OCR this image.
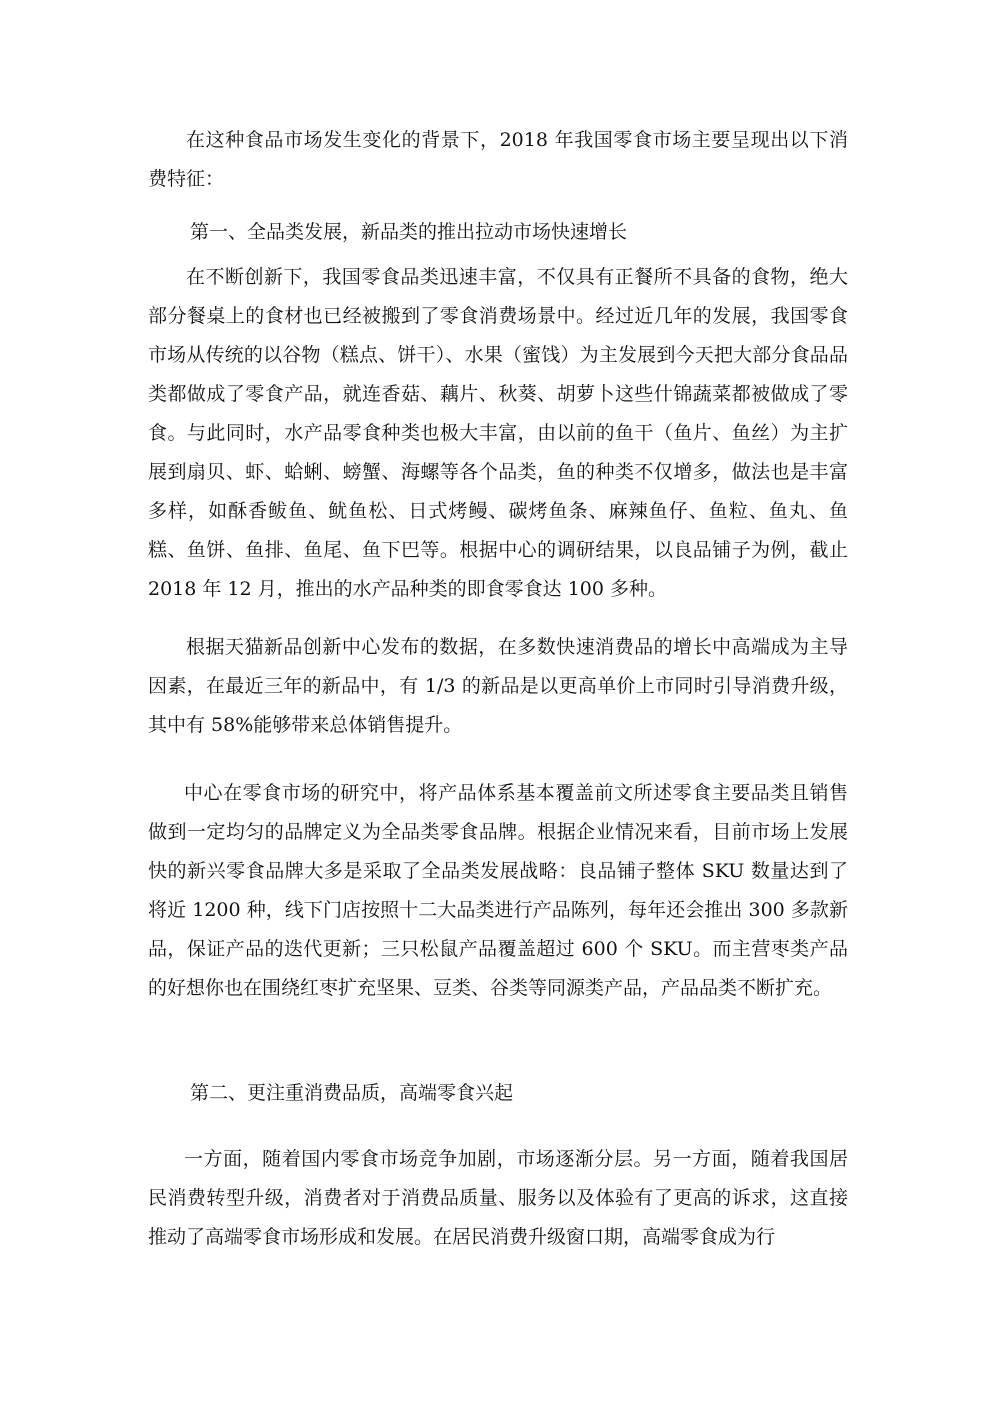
在这种食品市场发生变化的背景下，2018 年我国零食市场主要呈现出以下消费特征：

第一、全品类发展，新品类的推出拉动市场快速增长

在不断创新下，我国零食品类迅速丰富，不仅具有正餐所不具备的食物，绝大部分餐桌上的食材也已经被搬到了零食消费场景中。经过近几年的发展，我国零食市场从传统的以谷物（糕点、饼干）、水果（蜜饯）为主发展到今天把大部分食品品类都做成了零食产品，就连香菇、藕片、秋葵、胡萝卜这些什锦蔬菜都被做成了零食。与此同时，水产品零食种类也极大丰富，由以前的鱼干（鱼片、鱼丝）为主扩展到扇贝、虾、蛤蜊、螃蟹、海螺等各个品类，鱼的种类不仅增多，做法也是丰富多样，如酥香鲅鱼、鱿鱼松、日式烤鳗、碳烤鱼条、麻辣鱼仔、鱼粒、鱼丸、鱼糕、鱼饼、鱼排、鱼尾、鱼下巴等。根据中心的调研结果，以良品铺子为例，截止 2018 年 12 月，推出的水产品种类的即食零食达 100 多种。

根据天猫新品创新中心发布的数据，在多数快速消费品的增长中高端成为主导因素，在最近三年的新品中，有 1/3 的新品是以更高单价上市同时引导消费升级，其中有 58%能够带来总体销售提升。

中心在零食市场的研究中，将产品体系基本覆盖前文所述零食主要品类且销售做到一定均匀的品牌定义为全品类零食品牌。根据企业情况来看，目前市场上发展快的新兴零食品牌大多是采取了全品类发展战略：良品铺子整体 SKU 数量达到了将近 1200 种，线下门店按照十二大品类进行产品陈列，每年还会推出 300 多款新品，保证产品的迭代更新；三只松鼠产品覆盖超过 600 个 SKU。而主营枣类产品的好想你也在围绕红枣扩充坚果、豆类、谷类等同源类产品，产品品类不断扩充。

第二、更注重消费品质，高端零食兴起

一方面，随着国内零食市场竞争加剧，市场逐渐分层。另一方面，随着我国居民消费转型升级，消费者对于消费品质量、服务以及体验有了更高的诉求，这直接推动了高端零食市场形成和发展。在居民消费升级窗口期，高端零食成为行
